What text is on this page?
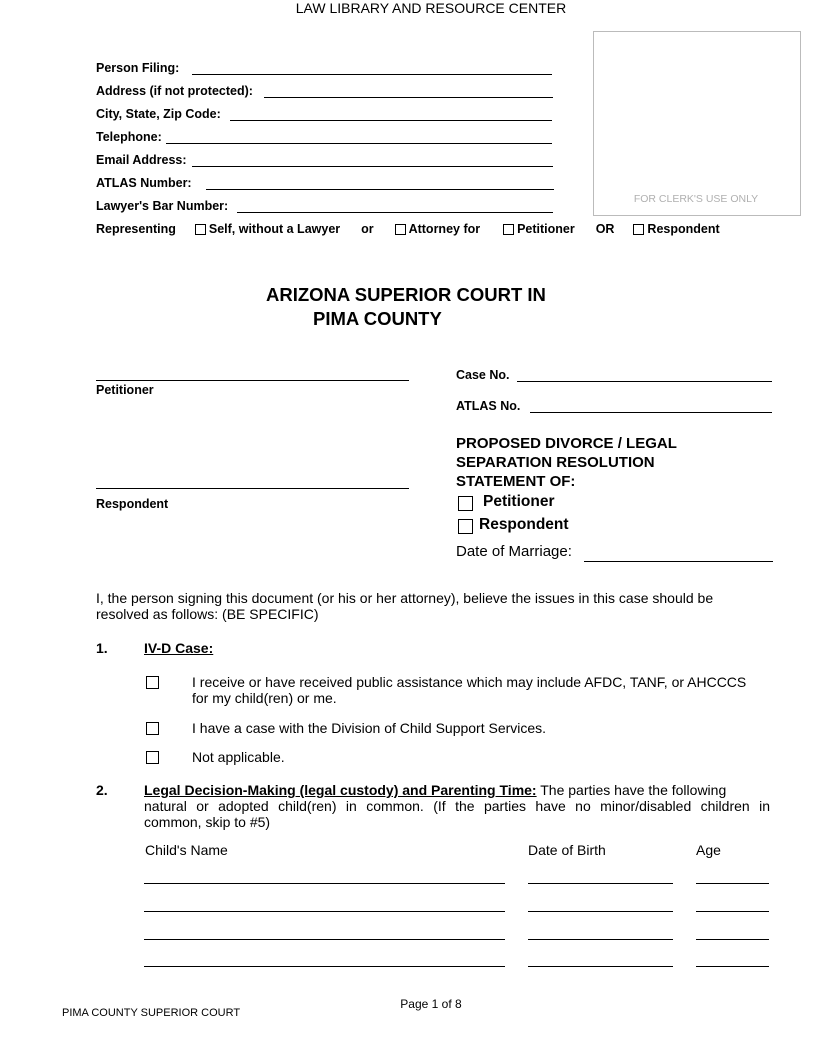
LAW LIBRARY AND RESOURCE CENTER
Person Filing:
Address (if not protected):
City, State, Zip Code:
Telephone:
Email Address:
ATLAS Number:
Lawyer's Bar Number:	FOR CLERK'S USE ONLY
Representing	Self, without a Lawyer or	Attorney for	Petitioner OR	Respondent
ARIZONA SUPERIOR COURT IN
PIMA COUNTY
Petitioner
Respondent
Case No.
ATLAS No.
PROPOSED DIVORCE / LEGAL
SEPARATION RESOLUTION
STATEMENT OF:
Petitioner
Respondent
Date of Marriage:
I, the person signing this document (or his or her attorney), believe the issues in this case should be
resolved as follows: (BE SPECIFIC)
1.	IV-D Case:
I receive or have received public assistance which may include AFDC, TANF, or AHCCCS
for my child(ren) or me.
I have a case with the Division of Child Support Services.
Not applicable.
2.	Legal Decision-Making (legal custody) and Parenting Time: The parties have the following
natural or adopted child(ren) in common. (If the parties have no minor/disabled children in
common, skip to #5)
Child's Name	Date of Birth	Age
Page 1 of 8
PIMA COUNTY SUPERIOR COURT
